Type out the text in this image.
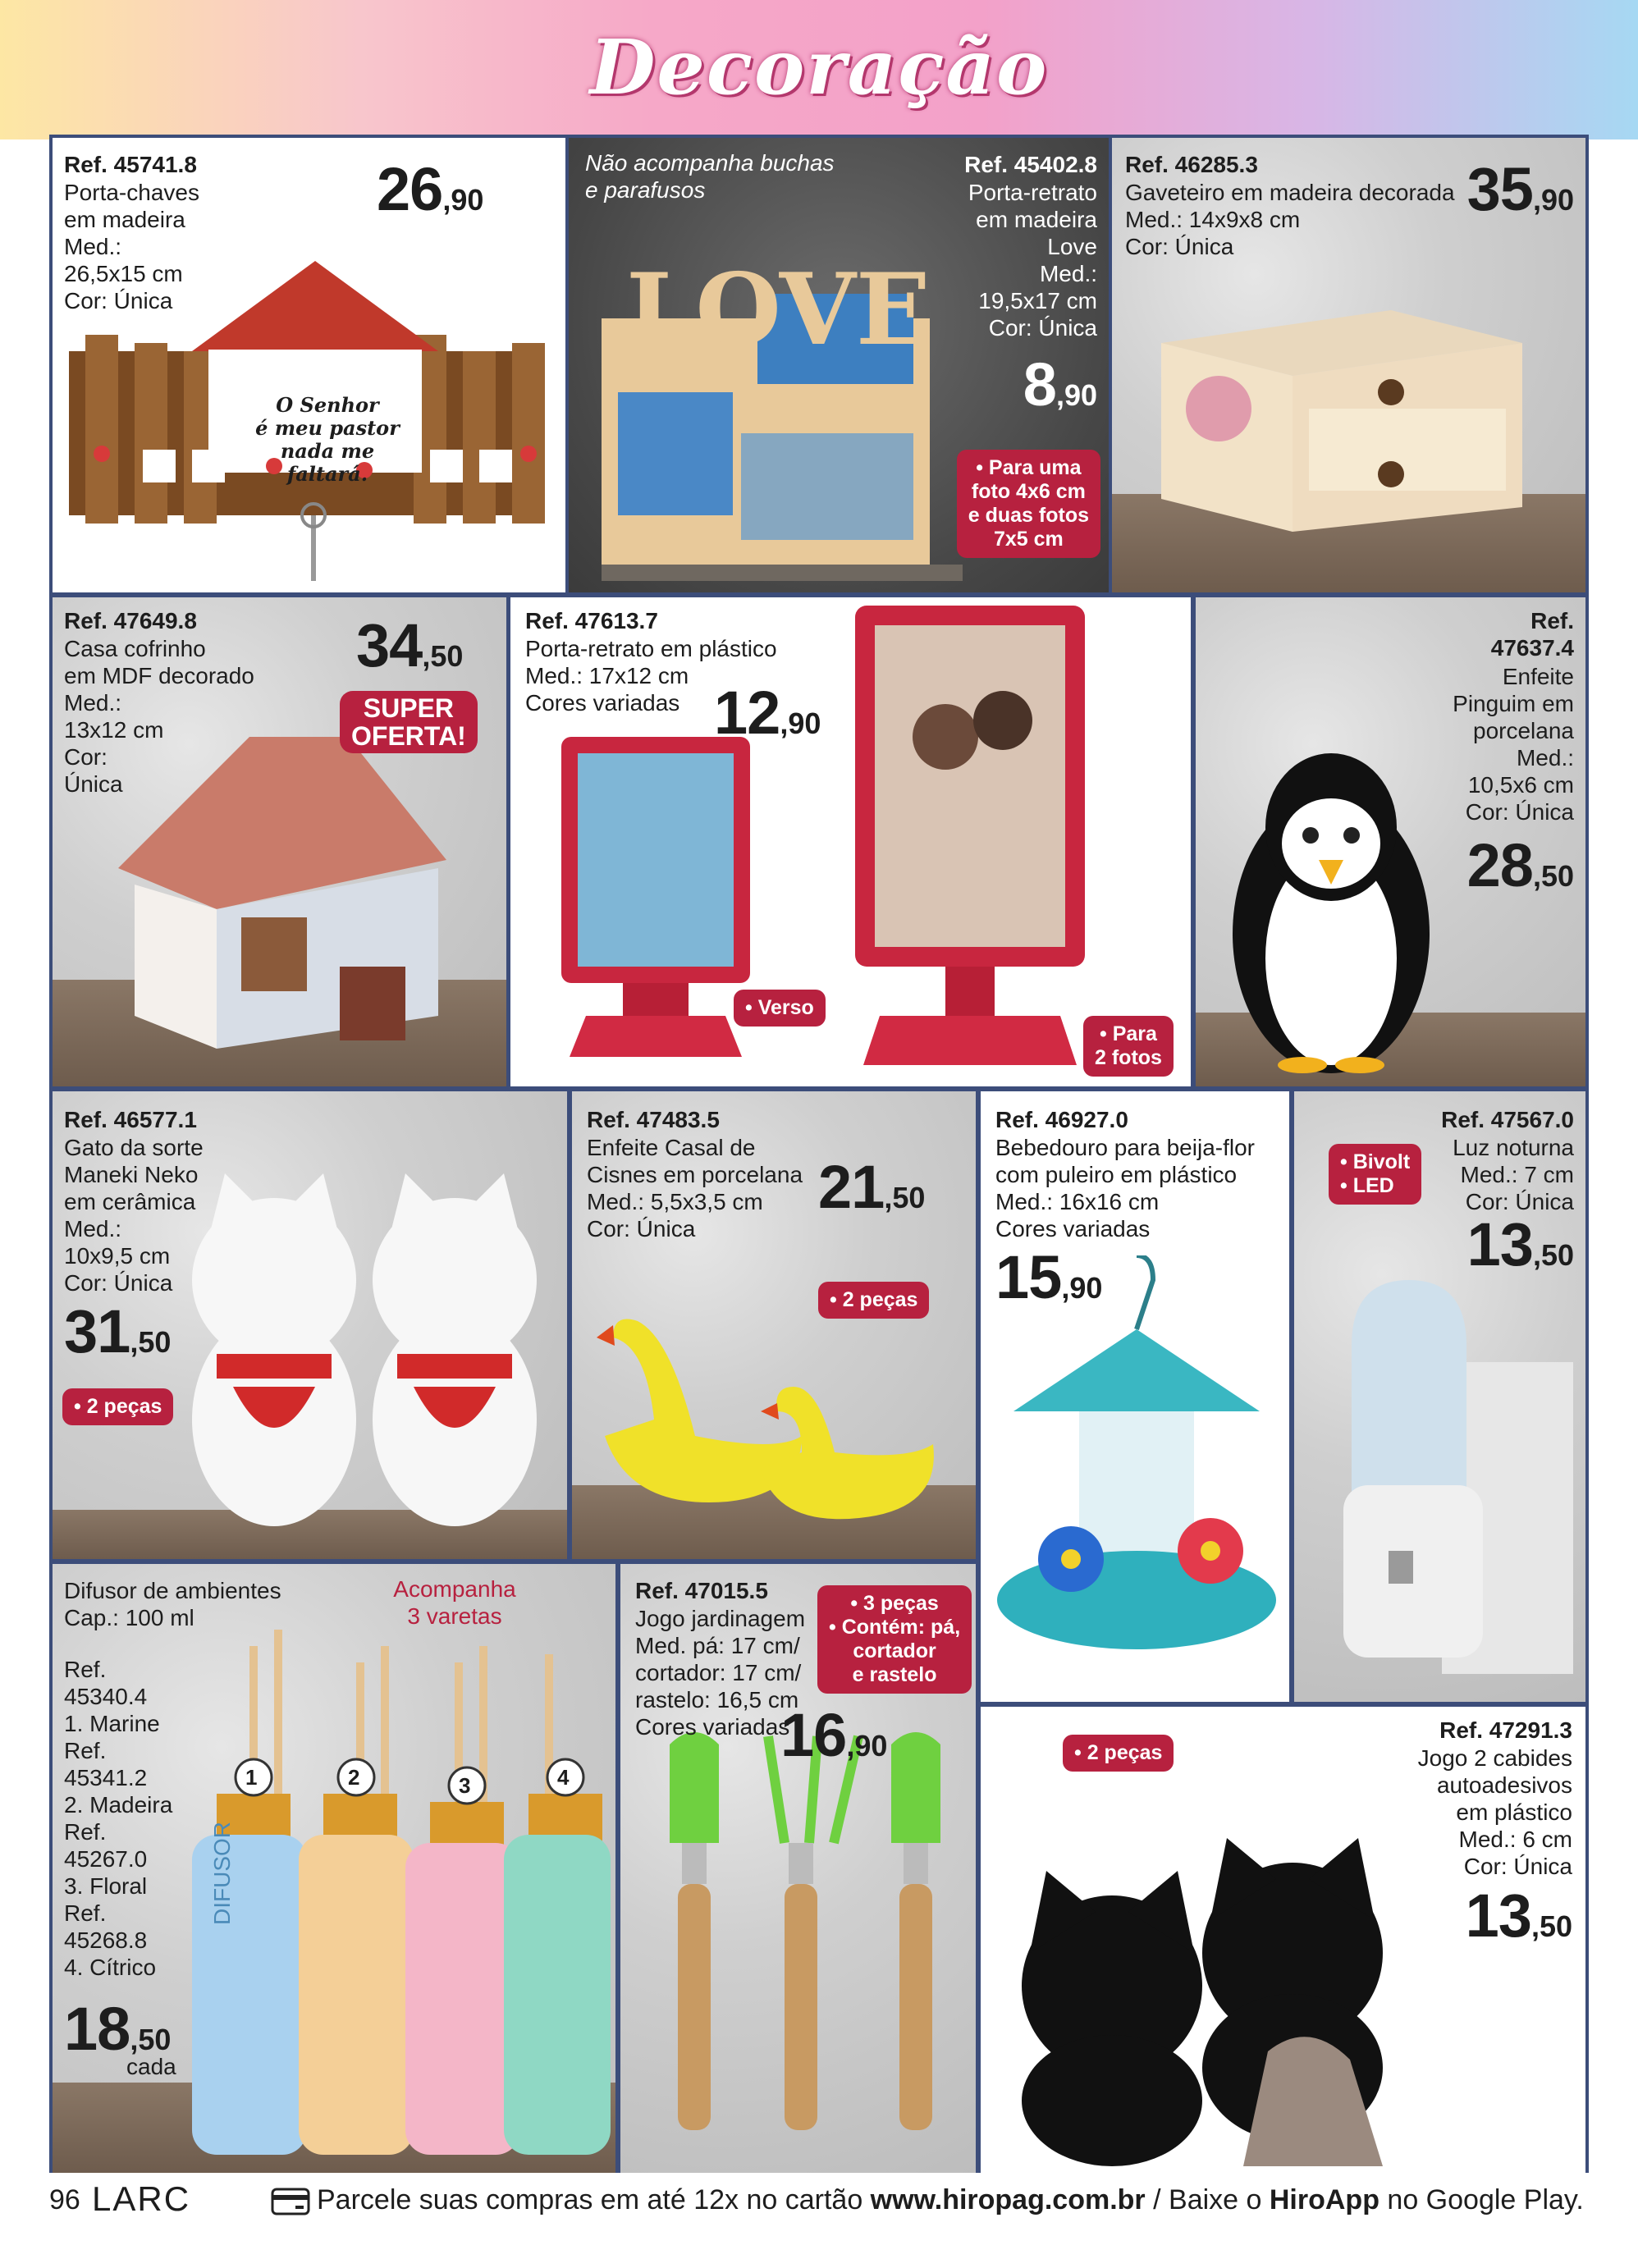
Decoração
O Senhor
é meu pastor
nada me
faltará.
Ref. 45741.8
Porta-chaves
em madeira
Med.:
26,5x15 cm
Cor: Única
26,90
LOVE
Não acompanha buchas
e parafusos
Ref. 45402.8
Porta-retrato
em madeira
Love
Med.:
19,5x17 cm
Cor: Única
8,90
• Para uma
foto 4x6 cm
e duas fotos
7x5 cm
Ref. 46285.3
Gaveteiro em madeira decorada
Med.: 14x9x8 cm
Cor: Única
35,90
Ref. 47649.8
Casa cofrinho
em MDF decorado
Med.:
13x12 cm
Cor:
Única
34,50
SUPER
OFERTA!
Ref. 47613.7
Porta-retrato em plástico
Med.: 17x12 cm
Cores variadas 12,90
• Verso
• Para
2 fotos
Ref.
47637.4
Enfeite
Pinguim em
porcelana
Med.:
10,5x6 cm
Cor: Única
28,50
Ref. 46577.1
Gato da sorte
Maneki Neko
em cerâmica
Med.:
10x9,5 cm
Cor: Única
31,50
• 2 peças
Ref. 47483.5
Enfeite Casal de
Cisnes em porcelana
Med.: 5,5x3,5 cm
Cor: Única
21,50
• 2 peças
Ref. 46927.0
Bebedouro para beija-flor
com puleiro em plástico
Med.: 16x16 cm
Cores variadas
15,90
• Bivolt
• LED
Ref. 47567.0
Luz noturna
Med.: 7 cm
Cor: Única
13,50
1	2	3	4
DIFUSOR
Difusor de ambientes
Cap.: 100 ml
Acompanha
3 varetas
Ref.
45340.4
1. Marine
Ref.
45341.2
2. Madeira
Ref.
45267.0
3. Floral
Ref.
45268.8
4. Cítrico
18,50
cada
Ref. 47015.5
Jogo jardinagem
Med. pá: 17 cm/
cortador: 17 cm/
rastelo: 16,5 cm
Cores variadas
16,90
• 3 peças
• Contém: pá,
cortador
e rastelo
• 2 peças
Ref. 47291.3
Jogo 2 cabides
autoadesivos
em plástico
Med.: 6 cm
Cor: Única
13,50
96 LARC	Parcele suas compras em até 12x no cartão www.hiropag.com.br / Baixe o HiroApp no Google Play.
